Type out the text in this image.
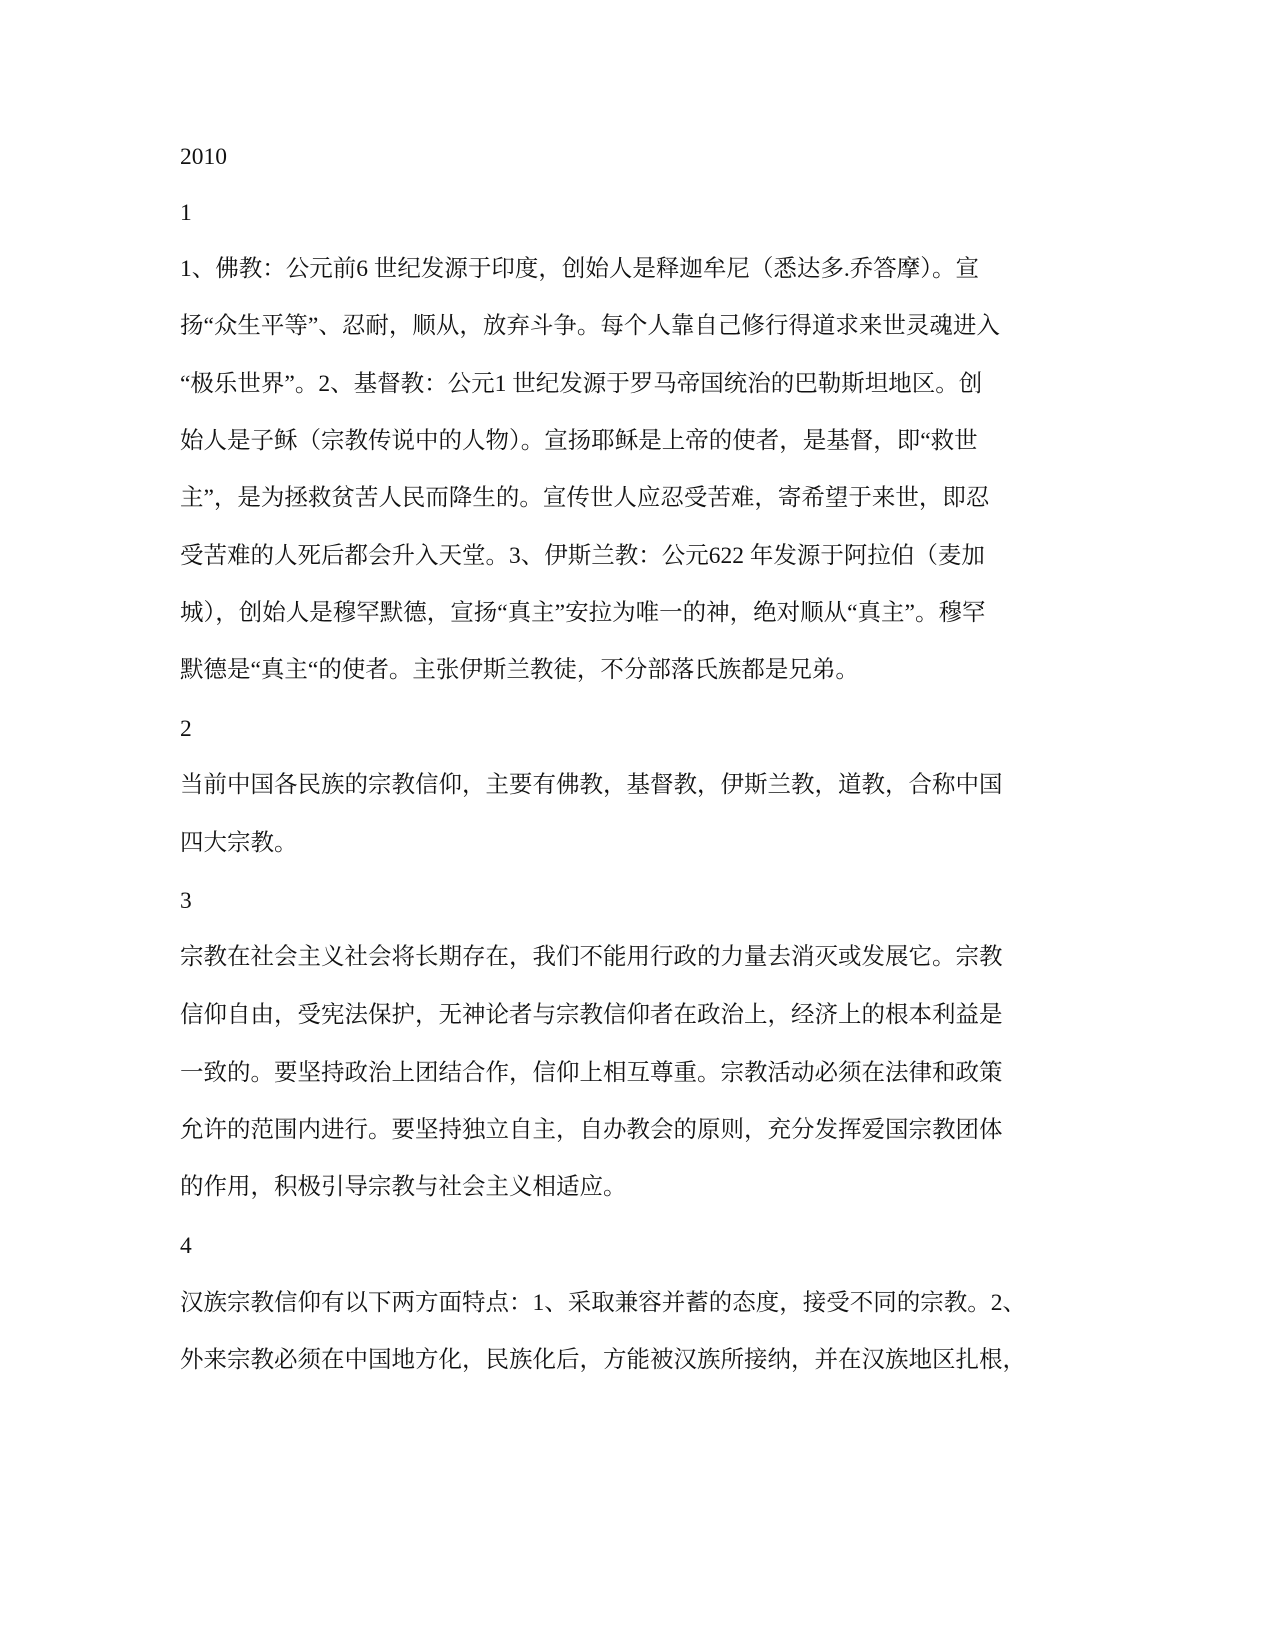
2010
1
1、佛教：公元前6 世纪发源于印度，创始人是释迦牟尼（悉达多.乔答摩）。宣
扬“众生平等”、忍耐，顺从，放弃斗争。每个人靠自己修行得道求来世灵魂进入
“极乐世界”。2、基督教：公元1 世纪发源于罗马帝国统治的巴勒斯坦地区。创
始人是子稣（宗教传说中的人物）。宣扬耶稣是上帝的使者，是基督，即“救世
主”，是为拯救贫苦人民而降生的。宣传世人应忍受苦难，寄希望于来世，即忍
受苦难的人死后都会升入天堂。3、伊斯兰教：公元622 年发源于阿拉伯（麦加
城），创始人是穆罕默德，宣扬“真主”安拉为唯一的神，绝对顺从“真主”。穆罕
默德是“真主“的使者。主张伊斯兰教徒，不分部落氏族都是兄弟。
2
当前中国各民族的宗教信仰，主要有佛教，基督教，伊斯兰教，道教，合称中国
四大宗教。
3
宗教在社会主义社会将长期存在，我们不能用行政的力量去消灭或发展它。宗教
信仰自由，受宪法保护，无神论者与宗教信仰者在政治上，经济上的根本利益是
一致的。要坚持政治上团结合作，信仰上相互尊重。宗教活动必须在法律和政策
允许的范围内进行。要坚持独立自主，自办教会的原则，充分发挥爱国宗教团体
的作用，积极引导宗教与社会主义相适应。
4
汉族宗教信仰有以下两方面特点：1、采取兼容并蓄的态度，接受不同的宗教。2、
外来宗教必须在中国地方化，民族化后，方能被汉族所接纳，并在汉族地区扎根，
